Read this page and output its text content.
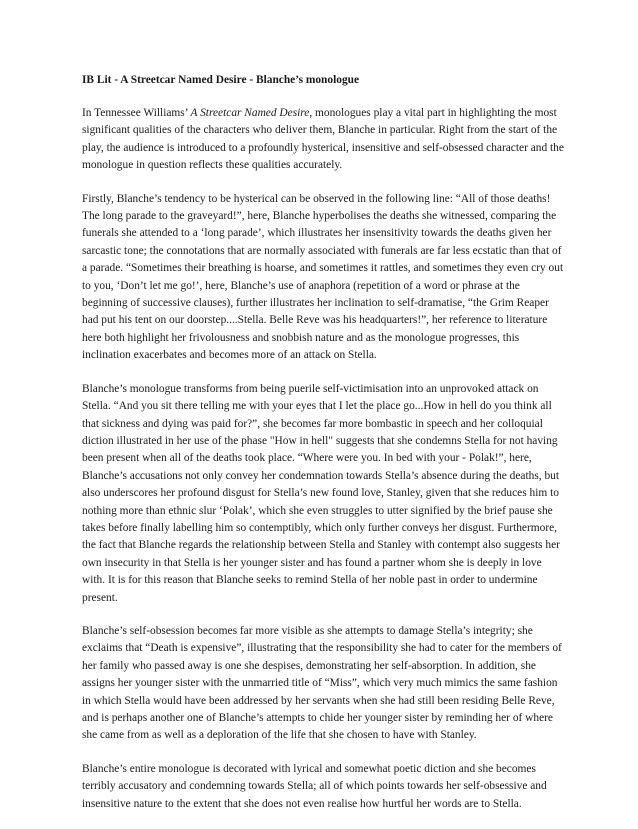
IB Lit - A Streetcar Named Desire - Blanche’s monologue

In Tennessee Williams’ A Streetcar Named Desire, monologues play a vital part in highlighting the most significant qualities of the characters who deliver them, Blanche in particular. Right from the start of the play, the audience is introduced to a profoundly hysterical, insensitive and self-obsessed character and the monologue in question reflects these qualities accurately.

Firstly, Blanche’s tendency to be hysterical can be observed in the following line: “All of those deaths! The long parade to the graveyard!”, here, Blanche hyperbolises the deaths she witnessed, comparing the funerals she attended to a ‘long parade’, which illustrates her insensitivity towards the deaths given her sarcastic tone; the connotations that are normally associated with funerals are far less ecstatic than that of a parade. “Sometimes their breathing is hoarse, and sometimes it rattles, and sometimes they even cry out to you, ‘Don’t let me go!’, here, Blanche’s use of anaphora (repetition of a word or phrase at the beginning of successive clauses), further illustrates her inclination to self-dramatise, “the Grim Reaper had put his tent on our doorstep....Stella. Belle Reve was his headquarters!”, her reference to literature here both highlight her frivolousness and snobbish nature and as the monologue progresses, this inclination exacerbates and becomes more of an attack on Stella.

Blanche’s monologue transforms from being puerile self-victimisation into an unprovoked attack on Stella. “And you sit there telling me with your eyes that I let the place go...How in hell do you think all that sickness and dying was paid for?”, she becomes far more bombastic in speech and her colloquial diction illustrated in her use of the phase "How in hell" suggests that she condemns Stella for not having been present when all of the deaths took place. “Where were you. In bed with your - Polak!”, here, Blanche’s accusations not only convey her condemnation towards Stella’s absence during the deaths, but also underscores her profound disgust for Stella’s new found love, Stanley, given that she reduces him to nothing more than ethnic slur ‘Polak’, which she even struggles to utter signified by the brief pause she takes before finally labelling him so contemptibly, which only further conveys her disgust. Furthermore, the fact that Blanche regards the relationship between Stella and Stanley with contempt also suggests her own insecurity in that Stella is her younger sister and has found a partner whom she is deeply in love with. It is for this reason that Blanche seeks to remind Stella of her noble past in order to undermine present.

Blanche’s self-obsession becomes far more visible as she attempts to damage Stella’s integrity; she exclaims that “Death is expensive”, illustrating that the responsibility she had to cater for the members of her family who passed away is one she despises, demonstrating her self-absorption. In addition, she assigns her younger sister with the unmarried title of “Miss”, which very much mimics the same fashion in which Stella would have been addressed by her servants when she had still been residing Belle Reve, and is perhaps another one of Blanche’s attempts to chide her younger sister by reminding her of where she came from as well as a deploration of the life that she chosen to have with Stanley.

Blanche’s entire monologue is decorated with lyrical and somewhat poetic diction and she becomes terribly accusatory and condemning towards Stella; all of which points towards her self-obsessive and insensitive nature to the extent that she does not even realise how hurtful her words are to Stella.
